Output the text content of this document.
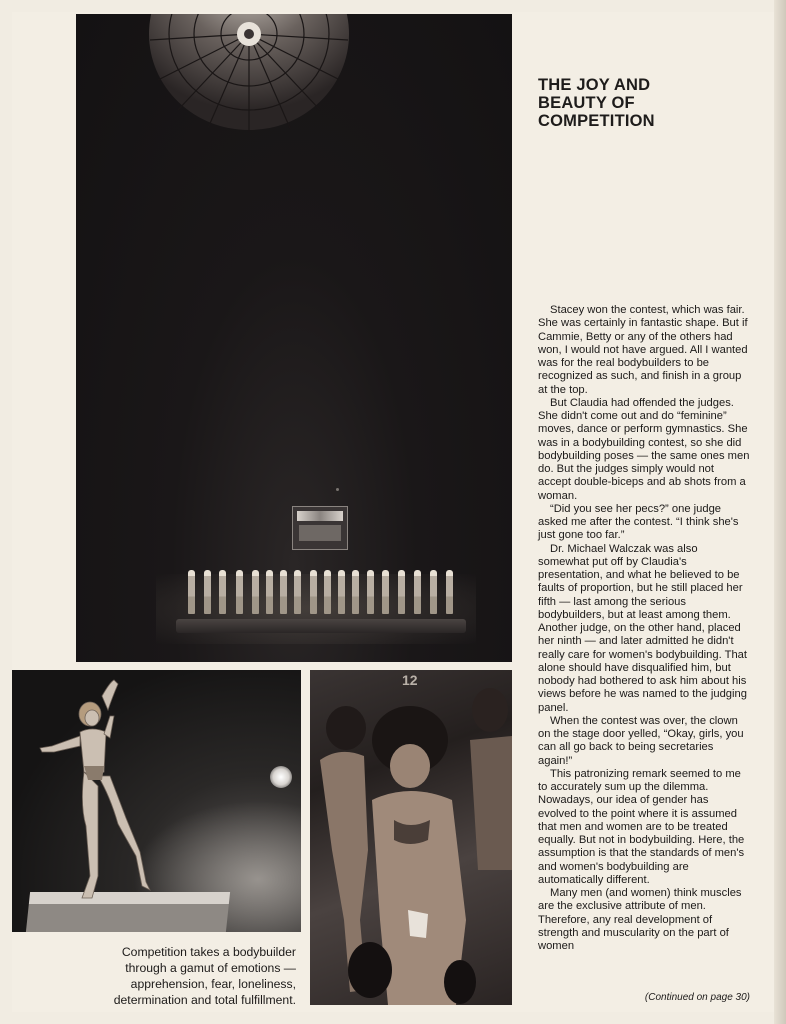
12
THE JOY AND
BEAUTY OF
COMPETITION

Stacey won the contest, which was fair. She was certainly in fantastic shape. But if Cammie, Betty or any of the others had won, I would not have argued. All I wanted was for the real bodybuilders to be recognized as such, and finish in a group at the top.

But Claudia had offended the judges. She didn't come out and do “feminine” moves, dance or perform gymnastics. She was in a bodybuilding contest, so she did bodybuilding poses — the same ones men do. But the judges simply would not accept double-biceps and ab shots from a woman.

“Did you see her pecs?” one judge asked me after the contest. “I think she's just gone too far.”

Dr. Michael Walczak was also somewhat put off by Claudia's presentation, and what he believed to be faults of proportion, but he still placed her fifth — last among the serious bodybuilders, but at least among them. Another judge, on the other hand, placed her ninth — and later admitted he didn't really care for women's bodybuilding. That alone should have disqualified him, but nobody had bothered to ask him about his views before he was named to the judging panel.

When the contest was over, the clown on the stage door yelled, “Okay, girls, you can all go back to being secretaries again!”

This patronizing remark seemed to me to accurately sum up the dilemma. Nowadays, our idea of gender has evolved to the point where it is assumed that men and women are to be treated equally. But not in bodybuilding. Here, the assumption is that the standards of men's and women's bodybuilding are automatically different.

Many men (and women) think muscles are the exclusive attribute of men. Therefore, any real development of strength and muscularity on the part of women

(Continued on page 30)
Competition takes a bodybuilder
through a gamut of emotions —
apprehension, fear, loneliness,
determination and total fulfillment.
